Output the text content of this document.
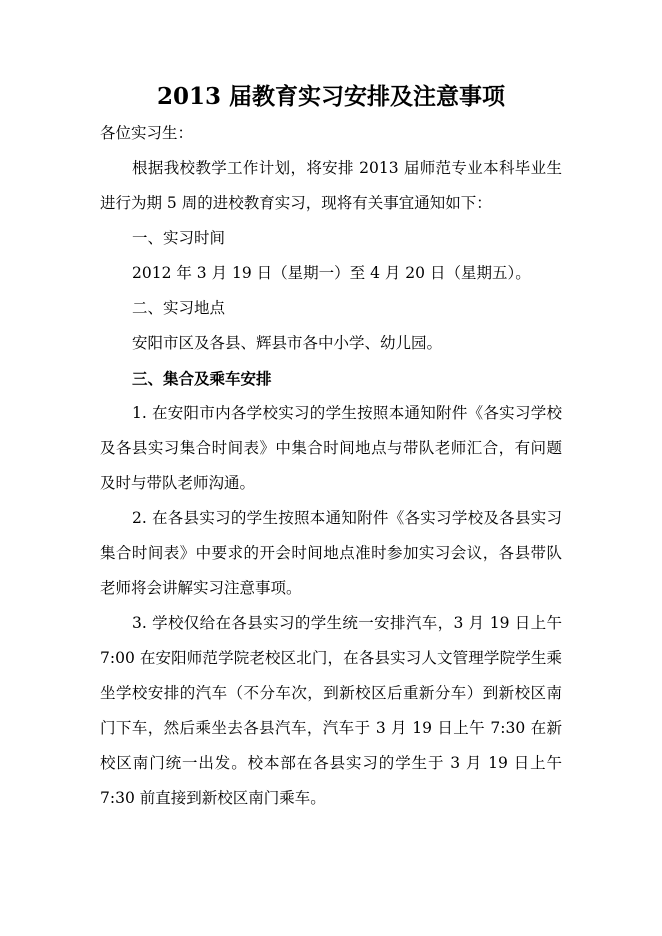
2013 届教育实习安排及注意事项

各位实习生：

根据我校教学工作计划，将安排 2013 届师范专业本科毕业生进行为期 5 周的进校教育实习，现将有关事宜通知如下：

一、实习时间

2012 年 3 月 19 日（星期一）至 4 月 20 日（星期五）。

二、实习地点

安阳市区及各县、辉县市各中小学、幼儿园。

三、集合及乘车安排

1. 在安阳市内各学校实习的学生按照本通知附件《各实习学校及各县实习集合时间表》中集合时间地点与带队老师汇合，有问题及时与带队老师沟通。

2. 在各县实习的学生按照本通知附件《各实习学校及各县实习集合时间表》中要求的开会时间地点准时参加实习会议，各县带队老师将会讲解实习注意事项。

3. 学校仅给在各县实习的学生统一安排汽车，3 月 19 日上午 7:00 在安阳师范学院老校区北门，在各县实习人文管理学院学生乘坐学校安排的汽车（不分车次，到新校区后重新分车）到新校区南门下车，然后乘坐去各县汽车，汽车于 3 月 19 日上午 7:30 在新校区南门统一出发。校本部在各县实习的学生于 3 月 19 日上午 7:30 前直接到新校区南门乘车。
